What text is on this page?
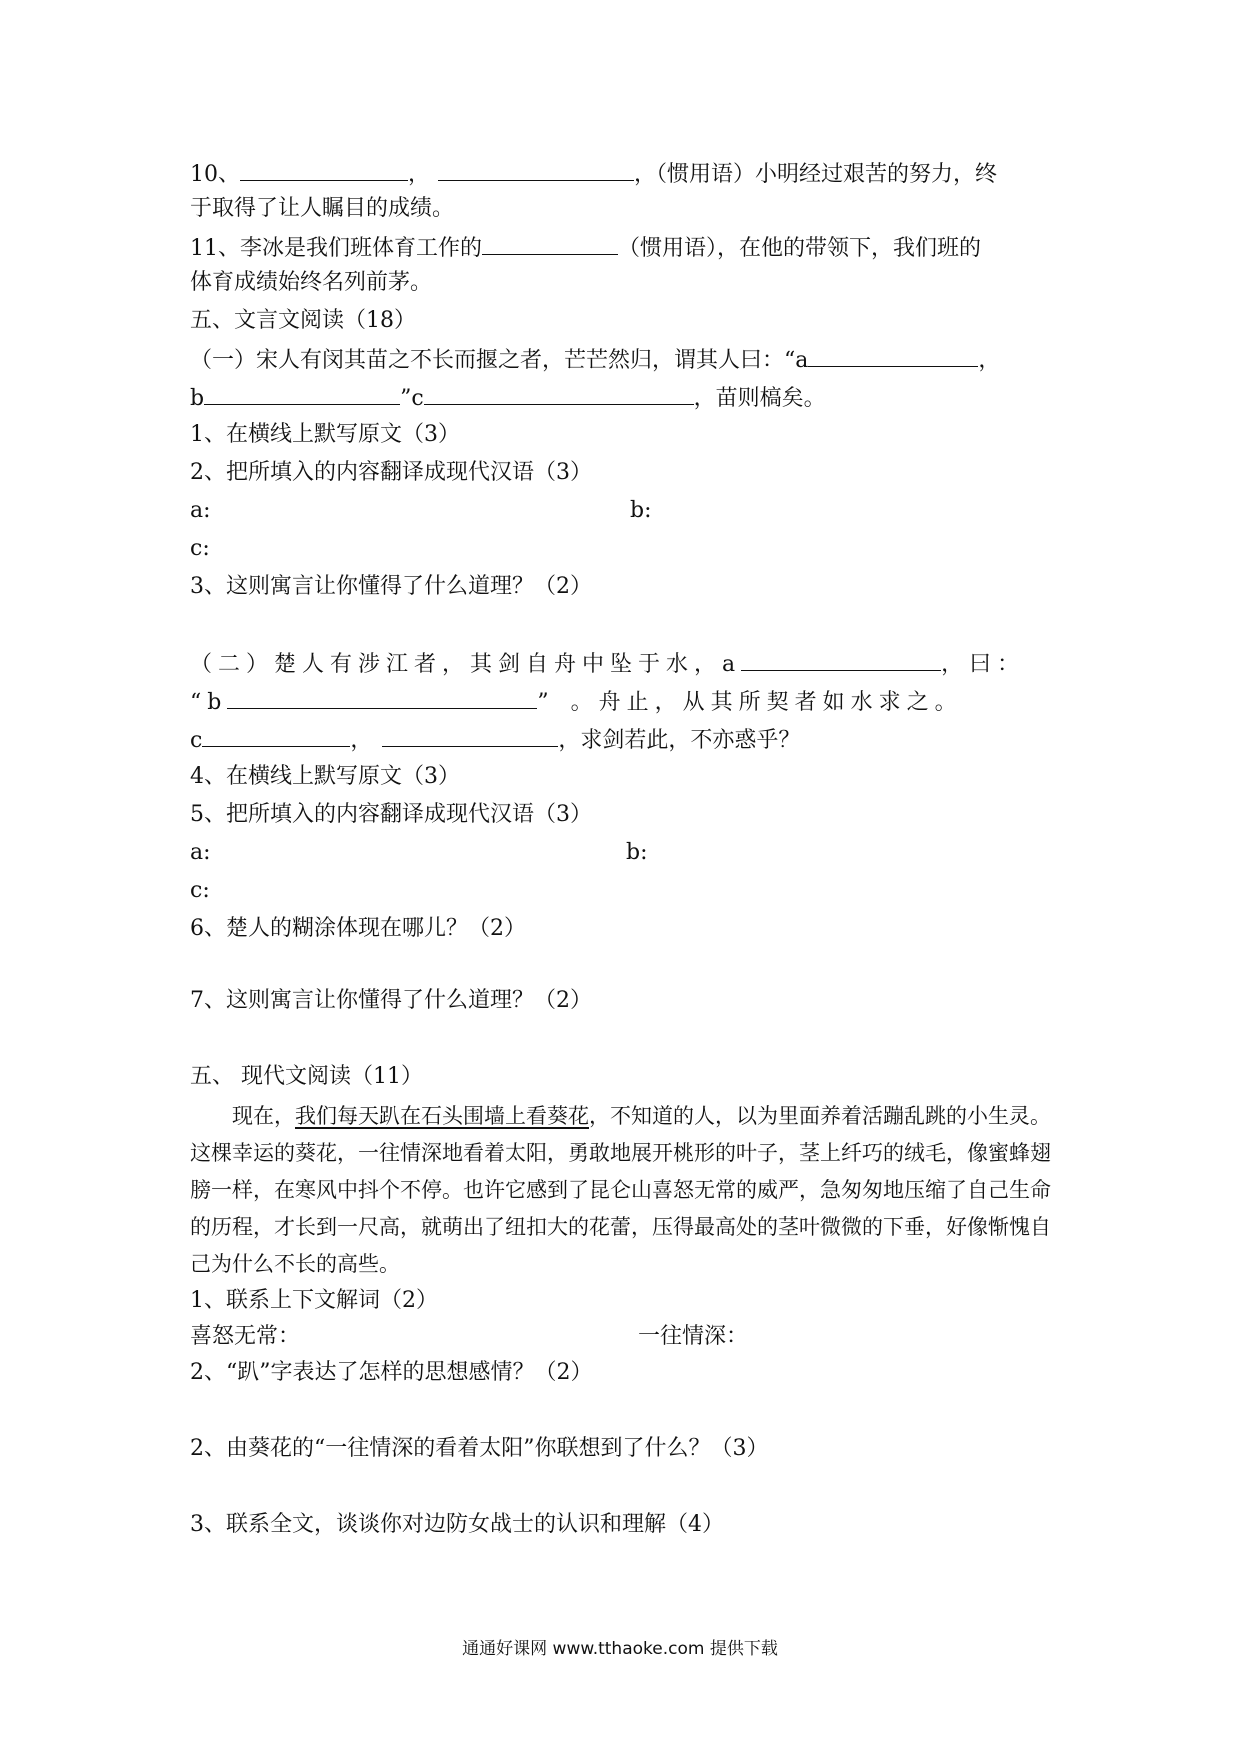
10、	，	，（惯用语）小明经过艰苦的努力，终
于取得了让人瞩目的成绩。
11、李冰是我们班体育工作的	（惯用语），在他的带领下，我们班的
体育成绩始终名列前茅。
五、文言文阅读（18）
（一）宋人有闵其苗之不长而揠之者，芒芒然归，谓其人曰：“a	，
b	”c	，苗则槁矣。
1、在横线上默写原文（3）
2、把所填入的内容翻译成现代汉语（3）
a:	b:
c:
3、这则寓言让你懂得了什么道理？（2）
（二）楚人有涉江者，其剑自舟中坠于水，a	，曰：
“b	” 。舟止，从其所契者如水求之。
c	，	，求剑若此，不亦惑乎？
4、在横线上默写原文（3）
5、把所填入的内容翻译成现代汉语（3）
a:	b:
c:
6、楚人的糊涂体现在哪儿？（2）
7、这则寓言让你懂得了什么道理？（2）
五、 现代文阅读（11）

现在，我们每天趴在石头围墙上看葵花，不知道的人，以为里面养着活蹦乱跳的小生灵。这棵幸运的葵花，一往情深地看着太阳，勇敢地展开桃形的叶子，茎上纤巧的绒毛，像蜜蜂翅膀一样，在寒风中抖个不停。也许它感到了昆仑山喜怒无常的威严，急匆匆地压缩了自己生命的历程，才长到一尺高，就萌出了纽扣大的花蕾，压得最高处的茎叶微微的下垂，好像惭愧自己为什么不长的高些。

1、联系上下文解词（2）
喜怒无常：	一往情深：
2、“趴”字表达了怎样的思想感情？（2）
2、由葵花的“一往情深的看着太阳”你联想到了什么？（3）
3、联系全文，谈谈你对边防女战士的认识和理解（4）
通通好课网 www.tthaoke.com 提供下载
